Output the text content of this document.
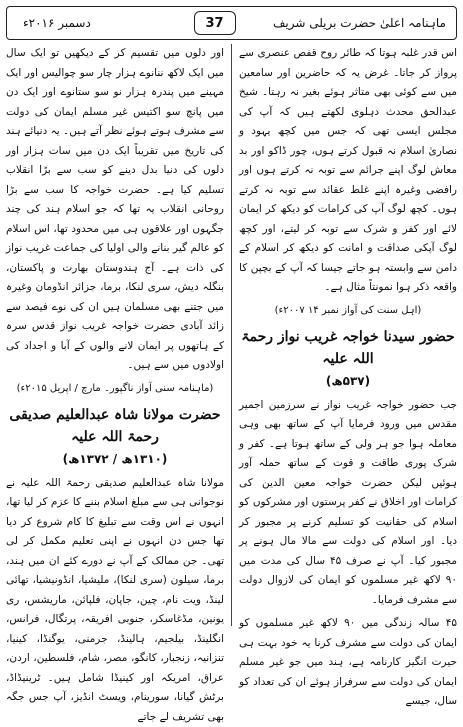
دسمبر ۲۰۱۶ء	37	ماہنامہ اعلیٰ حضرت بریلی شریف

اس قدر غلبہ ہوتا کہ طائر روح قفص عنصری سے پرواز کر جاتا۔ غرض یہ کہ حاضرین اور سامعین میں سے کوئی بھی متاثر ہوئے بغیر نہ رہتا۔ شیخ عبدالحق محدث دہلوی لکھتے ہیں کہ آپ کی مجلس ایسی تھی کہ جس میں کچھ یہود و نصاریٰ اسلام نہ قبول کرتے ہوں، چور ڈاکو اور بد معاش لوگ اپنے جرائم سے توبہ نہ کرتے ہوں اور رافضی وغیرہ اپنے غلط عقائد سے توبہ نہ کرتے ہوں۔ کچھ لوگ آپ کی کرامات کو دیکھ کر ایمان لائے اور کفر و شرک سے توبہ کر لیتے، اور کچھ لوگ آپکی صداقت و امانت کو دیکھ کر اسلام کے دامن سے وابستہ ہو جاتے جیسا کہ آپ کے بچپن کا واقعہ ذکر ہوا نمونتاً مثال ہے۔

(اہل سنت کی آواز نمبر ۱۴ ۲۰۰۷ء)

حضور سیدنا خواجہ غریب نواز رحمۃ اللہ علیہ
(۵۳۷ھ)

جب حضور خواجہ غریب نواز نے سرزمین اجمیر مقدس میں ورود فرمایا آپ کے ساتھ بھی وہی معاملہ ہوا جو ہر ولی کے ساتھ ہوتا ہے۔ کفر و شرک پوری طاقت و قوت کے ساتھ حملہ آور ہوئیں لیکن حضرت خواجہ معین الدین کی کرامات اور اخلاق نے کفر پرستوں اور مشرکوں کو اسلام کی حقانیت کو تسلیم کرنے پر مجبور کر دیا۔ اور اسلام کی دولت سے مالا مال ہونے پر مجبور کیا۔ آپ نے صرف ۴۵ سال کی مدت میں ۹۰ لاکھ غیر مسلموں کو ایمان کی لازوال دولت سے مشرف فرمایا۔

۴۵ سالہ زندگی میں ۹۰ لاکھ غیر مسلموں کو ایمان کی دولت سے مشرف کرنا یہ خود بہت ہی حیرت انگیز کارنامہ ہے، ہند میں جو غیر مسلم ایمان کی دولت سے سرفراز ہوئے ان کی تعداد کو سال، جیسے

اور دلوں میں تقسیم کر کے دیکھیں تو ایک سال میں ایک لاکھ ننانوے ہزار چار سو چوالیس اور ایک مہینے میں پندرہ ہزار نو سو ستانوے اور ایک دن میں پانچ سو اکتیس غیر مسلم ایمان کی دولت سے مشرف ہوتے ہوئے نظر آتے ہیں۔ یہ دنیائے ہند کی تاریخ میں تقریباً ایک دن میں سات ہزار اور دلوں کی دنیا بدل دینے کو سب سے بڑا انقلاب تسلیم کیا ہے۔ حضرت خواجہ کا سب سے بڑا روحانی انقلاب یہ تھا کہ جو اسلام ہند کی چند جگہوں اور علاقوں ہی میں محدود تھا، اس اسلام کو عالم گیر بنانے والی اولیا کی جماعت غریب نواز کی ذات ہے۔ آج ہندوستان بھارت و پاکستان، بنگلہ دیش، سری لنکا، برما، جزائر انڈومان وغیرہ میں جتنے بھی مسلمان ہیں ان کی نوے فیصد سے زائد آبادی حضرت خواجہ غریب نواز قدس سرہ کے ہاتھوں پر ایمان لانے والوں کے آبا و اجداد کی اولادوں میں سے ہیں۔

(ماہنامہ سنی آواز ناگپور۔ مارچ / اپریل ۲۰۱۵ء)

حضرت مولانا شاہ عبدالعلیم صدیقی رحمۃ اللہ علیہ
(۱۳۱۰ھ / ۱۳۷۲ھ)

مولانا شاہ عبدالعلیم صدیقی رحمۃ اللہ علیہ نے نوجوانی ہی سے مبلغ اسلام بننے کا عزم کر لیا تھا، انہوں نے اس وقت سے تبلیغ کا کام شروع کر دیا تھا جس دن انہوں نے اپنی تعلیم مکمل کر لی تھی۔ جن ممالک کے آپ نے دورے کئے ان میں ہند، برما، سیلون (سری لنکا)، ملیشیا، انڈونیشیا، تھائی لینڈ، ویت نام، چین، جاپان، فلپائن، ماریشس، ری یونین، مڈغاسکر، جنوبی افریقہ، پرتگال، فرانس، انگلینڈ، بیلجیم، ہالینڈ، جرمنی، یوگنڈا، کینیا، تنزانیہ، زنجبار، کانگو، مصر، شام، فلسطین، اردن، عراق، امریکہ اور کینیڈا شامل ہیں۔ ٹرینیڈاڈ، برٹش گیانا، سورینام، ویسٹ انڈیز، آپ جس جگہ بھی تشریف لے جاتے
